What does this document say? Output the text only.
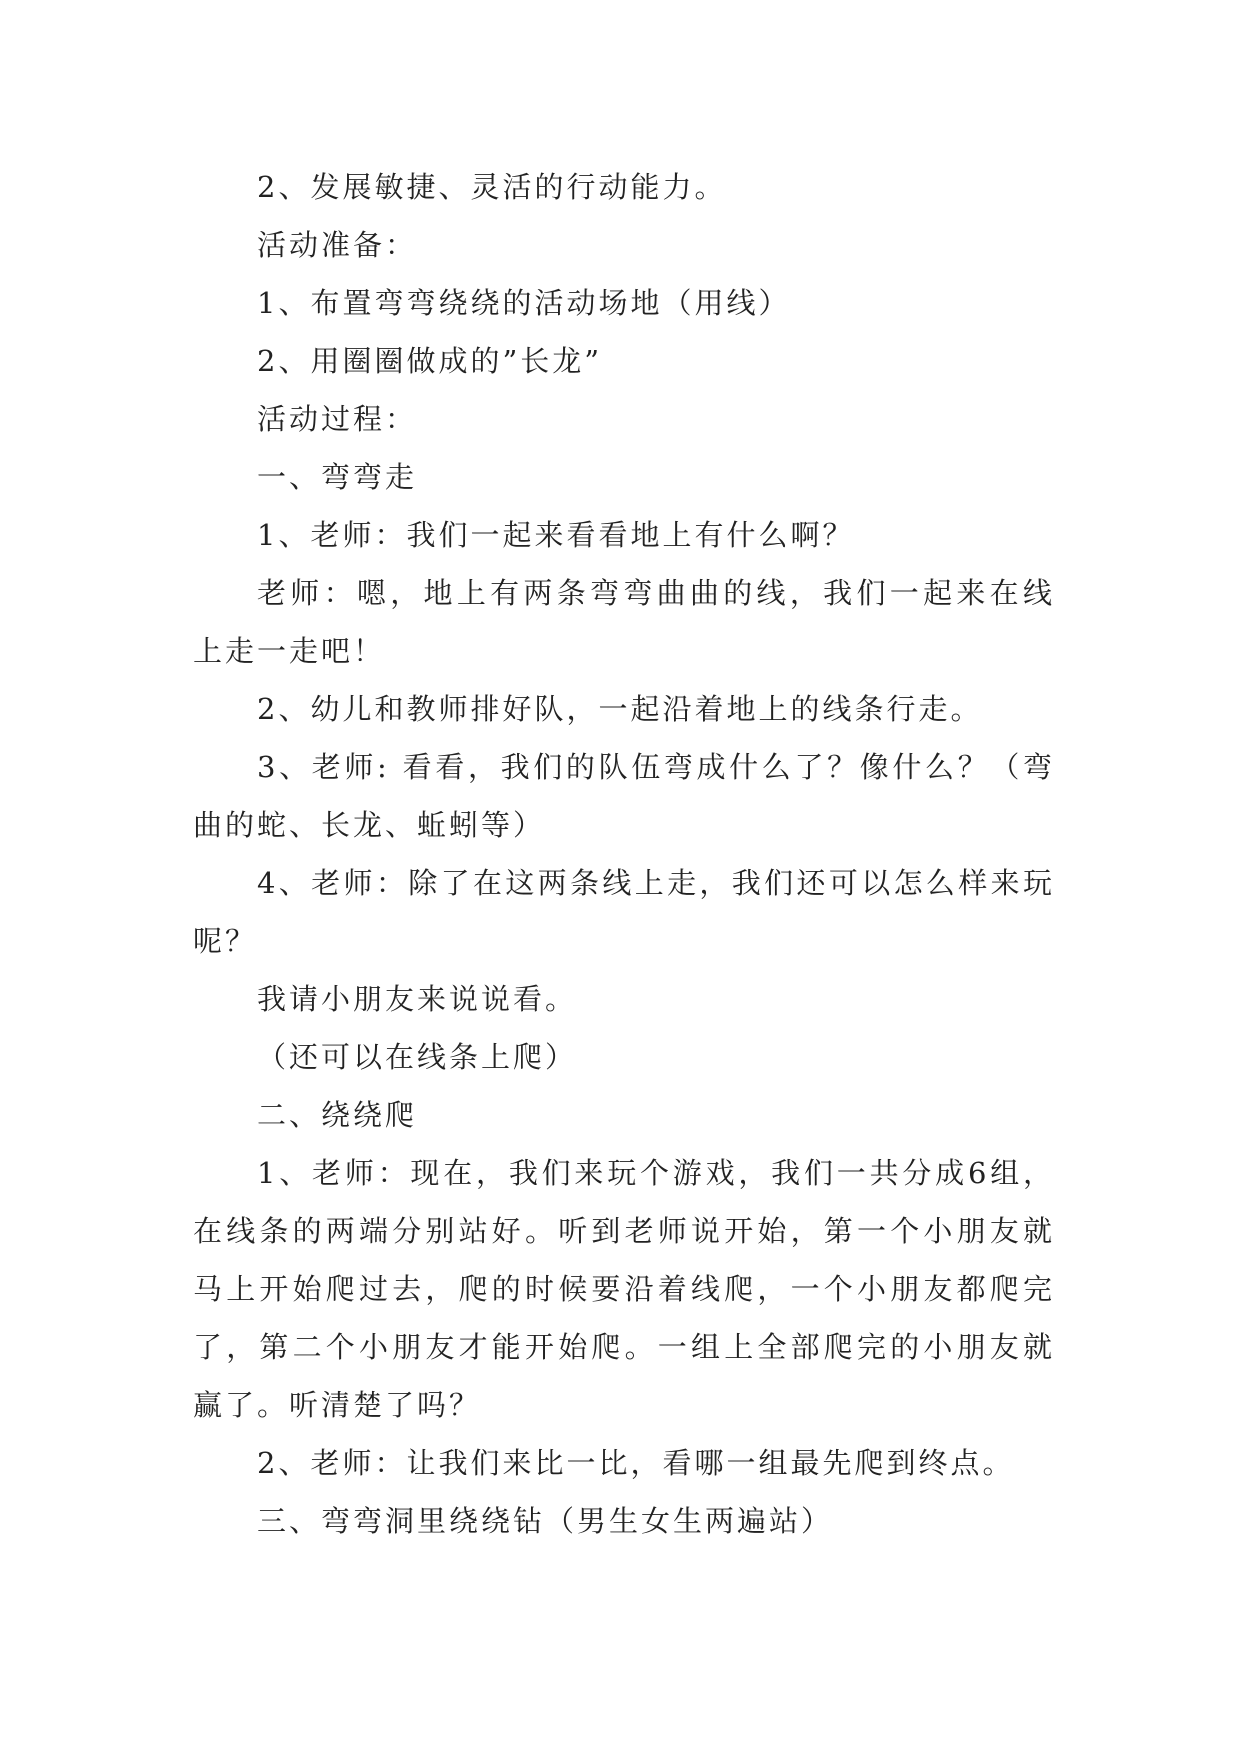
2、发展敏捷、灵活的行动能力。

活动准备：

1、布置弯弯绕绕的活动场地（用线）

2、用圈圈做成的”长龙”

活动过程：

一、弯弯走

1、老师：我们一起来看看地上有什么啊？

老师：嗯，地上有两条弯弯曲曲的线，我们一起来在线上走一走吧！

2、幼儿和教师排好队，一起沿着地上的线条行走。

3、老师: 看看，我们的队伍弯成什么了？像什么？（弯曲的蛇、长龙、蚯蚓等）

4、老师：除了在这两条线上走，我们还可以怎么样来玩呢？

我请小朋友来说说看。

（还可以在线条上爬）

二、绕绕爬

1、老师：现在，我们来玩个游戏，我们一共分成6组，在线条的两端分别站好。听到老师说开始，第一个小朋友就马上开始爬过去，爬的时候要沿着线爬，一个小朋友都爬完了，第二个小朋友才能开始爬。一组上全部爬完的小朋友就赢了。听清楚了吗？

2、老师：让我们来比一比，看哪一组最先爬到终点。

三、弯弯洞里绕绕钻（男生女生两遍站）
